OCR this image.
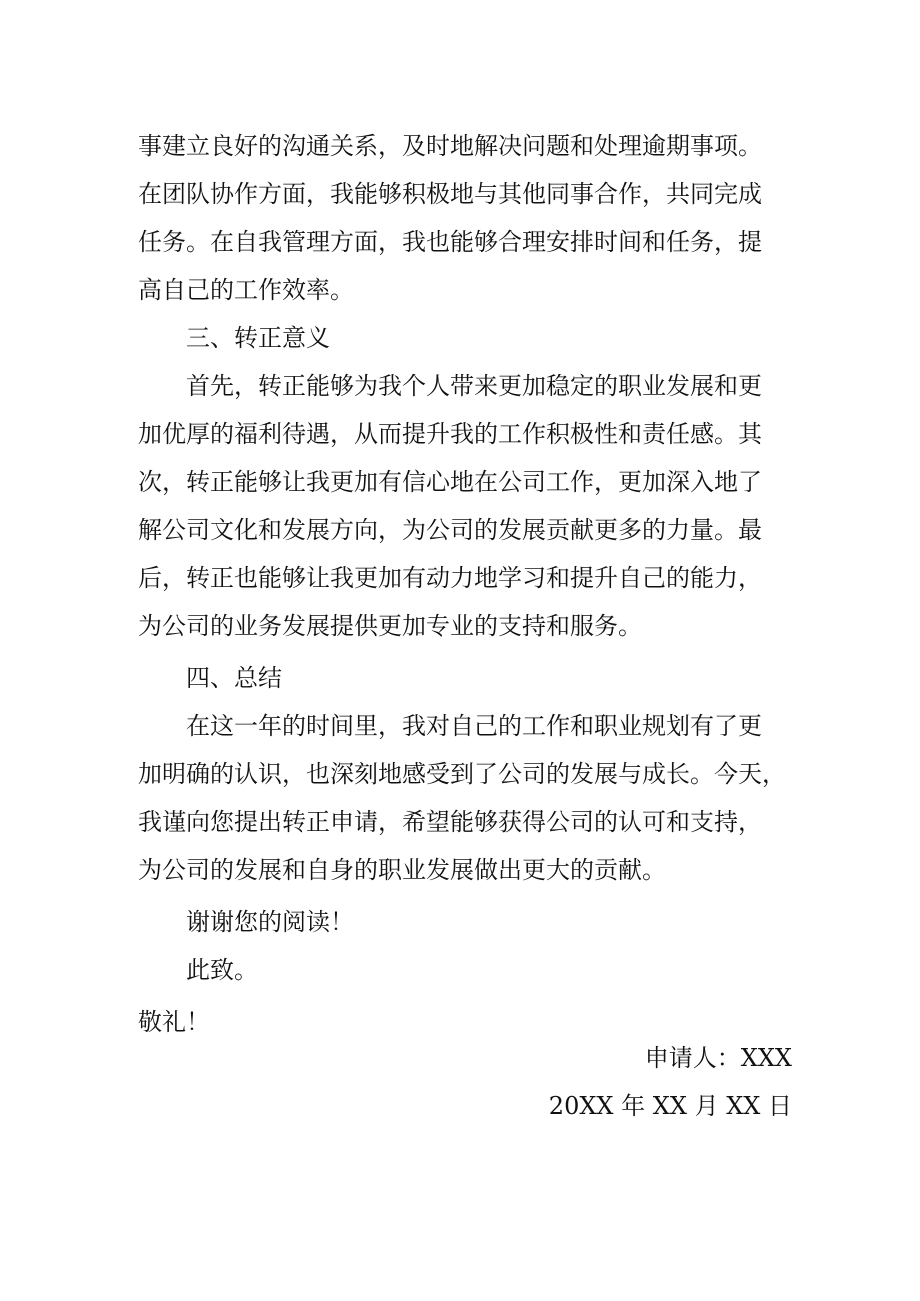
事建立良好的沟通关系，及时地解决问题和处理逾期事项。
在团队协作方面，我能够积极地与其他同事合作，共同完成
任务。在自我管理方面，我也能够合理安排时间和任务，提
高自己的工作效率。
三、转正意义
首先，转正能够为我个人带来更加稳定的职业发展和更
加优厚的福利待遇，从而提升我的工作积极性和责任感。其
次，转正能够让我更加有信心地在公司工作，更加深入地了
解公司文化和发展方向，为公司的发展贡献更多的力量。最
后，转正也能够让我更加有动力地学习和提升自己的能力，
为公司的业务发展提供更加专业的支持和服务。
四、总结
在这一年的时间里，我对自己的工作和职业规划有了更
加明确的认识，也深刻地感受到了公司的发展与成长。今天，
我谨向您提出转正申请，希望能够获得公司的认可和支持，
为公司的发展和自身的职业发展做出更大的贡献。
谢谢您的阅读！
此致。
敬礼！
申请人：XXX
20XX 年 XX 月 XX 日
